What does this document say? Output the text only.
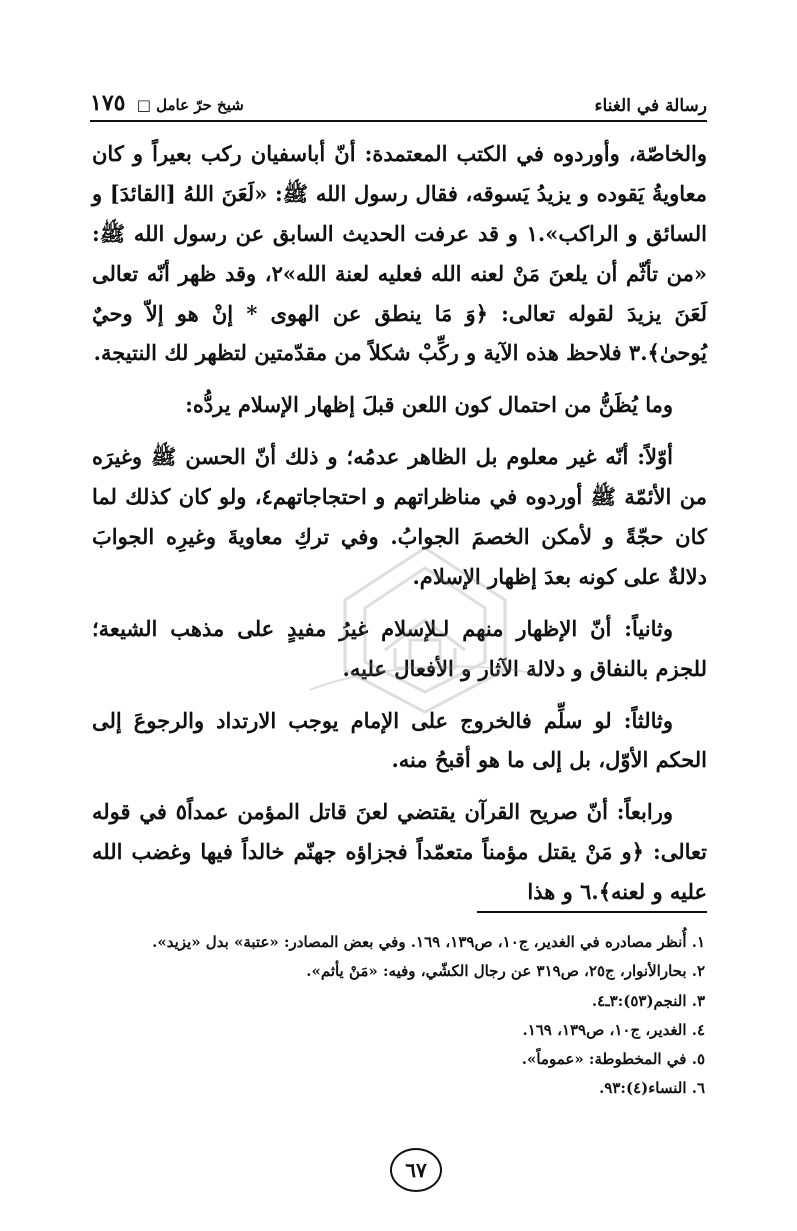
رسالة في الغناء
شيخ حرّ عامل □ ١٧٥

والخاصّة، وأوردوه في الكتب المعتمدة: أنّ أباسفيان ركب بعيراً و كان معاويةُ يَقوده و يزيدُ يَسوقه، فقال رسول الله ﷺ: «لَعَنَ اللهُ [القائدَ] و السائق و الراكب».١ و قد عرفت الحديث السابق عن رسول الله ﷺ: «من تأثّم أن يلعنَ مَنْ لعنه الله فعليه لعنة الله»٢، وقد ظهر أنّه تعالى لَعَنَ يزيدَ لقوله تعالى: ﴿وَ مَا ينطق عن الهوى * إنْ هو إلاّ وحيٌ يُوحىٰ﴾.٣ فلاحظ هذه الآية و ركِّبْ شكلاً من مقدّمتين لتظهر لك النتيجة.

وما يُظَنُّ من احتمال كون اللعن قبلَ إظهار الإسلام يردُّه:

أوّلاً: أنّه غير معلوم بل الظاهر عدمُه؛ و ذلك أنّ الحسن ﷺ وغيرَه من الأئمّة ﷺ أوردوه في مناظراتهم و احتجاجاتهم٤، ولو كان كذلك لما كان حجّةً و لأمكن الخصمَ الجوابُ. وفي تركِ معاويةَ وغيرِه الجوابَ دلالةٌ على كونه بعدَ إظهار الإسلام.

وثانياً: أنّ الإظهار منهم لـلإسلام غيرُ مفيدٍ على مذهب الشيعة؛ للجزم بالنفاق و دلالة الآثار و الأفعال عليه.

وثالثاً: لو سلِّم فالخروج على الإمام يوجب الارتداد والرجوعَ إلى الحكم الأوّل، بل إلى ما هو أقبحُ منه.

ورابعاً: أنّ صريح القرآن يقتضي لعنَ قاتل المؤمن عمداً٥ في قوله تعالى: ﴿و مَنْ يقتل مؤمناً متعمّداً فجزاؤه جهنّم خالداً فيها وغضب الله عليه و لعنه﴾.٦ و هذا

١. أُنظر مصادره في الغدير، ج١٠، ص١٣٩، ١٦٩. وفي بعض المصادر: «عتبة» بدل «يزيد».
٢. بحارالأنوار، ج٢٥، ص٣١٩ عن رجال الكشّي، وفيه: «مَنْ يأثم».
٣. النجم(٥٣):٣ـ٤.
٤. الغدير، ج١٠، ص١٣٩، ١٦٩.
٥. في المخطوطة: «عموماً».
٦. النساء(٤):٩٣.
٦٧
